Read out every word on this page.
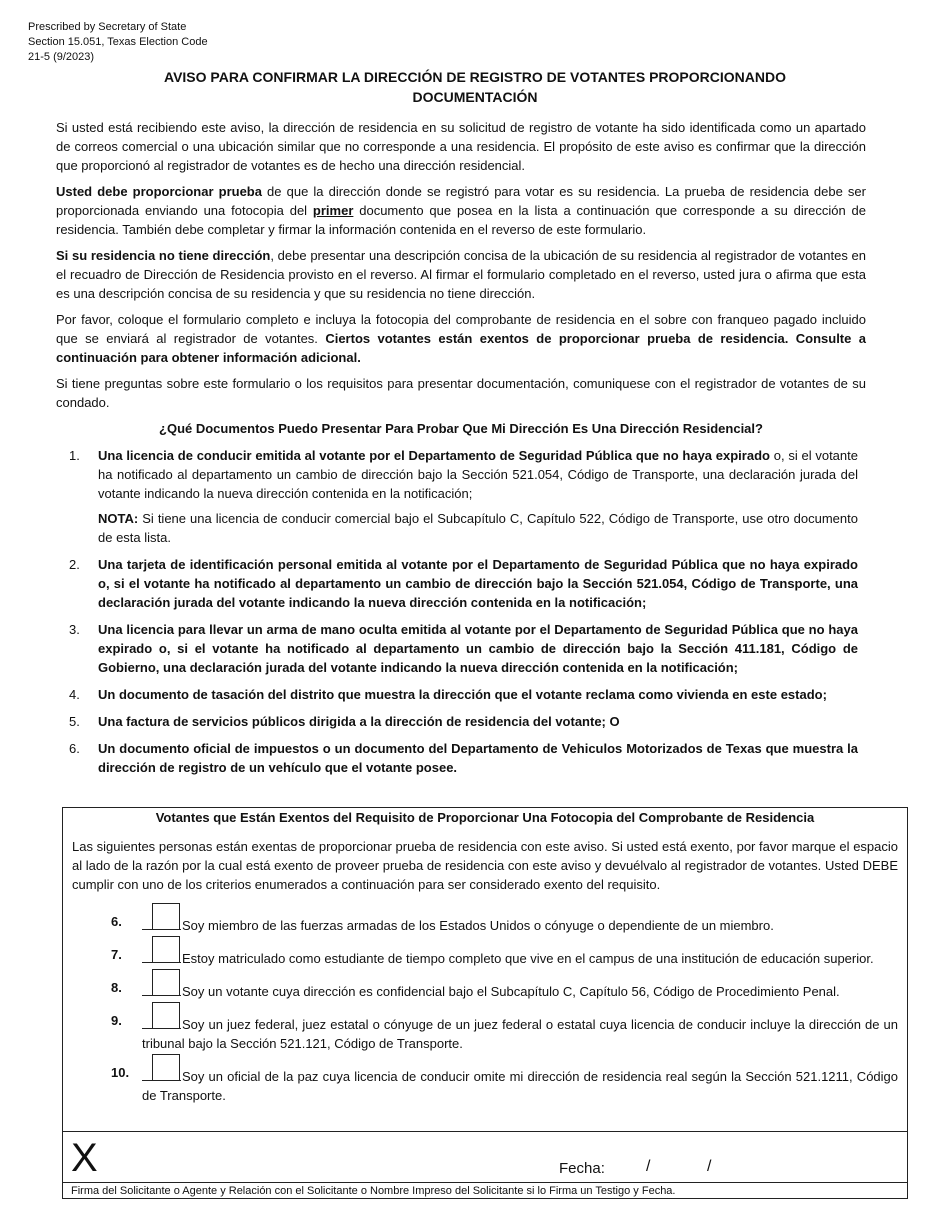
Prescribed by Secretary of State
Section 15.051, Texas Election Code
21-5 (9/2023)
AVISO PARA CONFIRMAR LA DIRECCIÓN DE REGISTRO DE VOTANTES PROPORCIONANDO
DOCUMENTACIÓN

Si usted está recibiendo este aviso, la dirección de residencia en su solicitud de registro de votante ha sido identificada como un apartado de correos comercial o una ubicación similar que no corresponde a una residencia. El propósito de este aviso es confirmar que la dirección que proporcionó al registrador de votantes es de hecho una dirección residencial.

Usted debe proporcionar prueba de que la dirección donde se registró para votar es su residencia. La prueba de residencia debe ser proporcionada enviando una fotocopia del primer documento que posea en la lista a continuación que corresponde a su dirección de residencia. También debe completar y firmar la información contenida en el reverso de este formulario.

Si su residencia no tiene dirección, debe presentar una descripción concisa de la ubicación de su residencia al registrador de votantes en el recuadro de Dirección de Residencia provisto en el reverso. Al firmar el formulario completado en el reverso, usted jura o afirma que esta es una descripción concisa de su residencia y que su residencia no tiene dirección.

Por favor, coloque el formulario completo e incluya la fotocopia del comprobante de residencia en el sobre con franqueo pagado incluido que se enviará al registrador de votantes. Ciertos votantes están exentos de proporcionar prueba de residencia. Consulte a continuación para obtener información adicional.

Si tiene preguntas sobre este formulario o los requisitos para presentar documentación, comuniquese con el registrador de votantes de su condado.

¿Qué Documentos Puedo Presentar Para Probar Que Mi Dirección Es Una Dirección Residencial?
1. Una licencia de conducir emitida al votante por el Departamento de Seguridad Pública que no haya expirado o, si el votante ha notificado al departamento un cambio de dirección bajo la Sección 521.054, Código de Transporte, una declaración jurada del votante indicando la nueva dirección contenida en la notificación;
NOTA: Si tiene una licencia de conducir comercial bajo el Subcapítulo C, Capítulo 522, Código de Transporte, use otro documento de esta lista.
2. Una tarjeta de identificación personal emitida al votante por el Departamento de Seguridad Pública que no haya expirado o, si el votante ha notificado al departamento un cambio de dirección bajo la Sección 521.054, Código de Transporte, una declaración jurada del votante indicando la nueva dirección contenida en la notificación;
3. Una licencia para llevar un arma de mano oculta emitida al votante por el Departamento de Seguridad Pública que no haya expirado o, si el votante ha notificado al departamento un cambio de dirección bajo la Sección 411.181, Código de Gobierno, una declaración jurada del votante indicando la nueva dirección contenida en la notificación;
4. Un documento de tasación del distrito que muestra la dirección que el votante reclama como vivienda en este estado;
5. Una factura de servicios públicos dirigida a la dirección de residencia del votante; O
6. Un documento oficial de impuestos o un documento del Departamento de Vehiculos Motorizados de Texas que muestra la dirección de registro de un vehículo que el votante posee.
Votantes que Están Exentos del Requisito de Proporcionar Una Fotocopia del Comprobante de Residencia
Las siguientes personas están exentas de proporcionar prueba de residencia con este aviso. Si usted está exento, por favor marque el espacio al lado de la razón por la cual está exento de proveer prueba de residencia con este aviso y devuélvalo al registrador de votantes. Usted DEBE cumplir con uno de los criterios enumerados a continuación para ser considerado exento del requisito.
6.	Soy miembro de las fuerzas armadas de los Estados Unidos o cónyuge o dependiente de un miembro.
7.	Estoy matriculado como estudiante de tiempo completo que vive en el campus de una institución de educación superior.
8.	Soy un votante cuya dirección es confidencial bajo el Subcapítulo C, Capítulo 56, Código de Procedimiento Penal.
9.	Soy un juez federal, juez estatal o cónyuge de un juez federal o estatal cuya licencia de conducir incluye la dirección de un tribunal bajo la Sección 521.121, Código de Transporte.
10.	Soy un oficial de la paz cuya licencia de conducir omite mi dirección de residencia real según la Sección 521.1211, Código de Transporte.
X	Fecha:	/	/
Firma del Solicitante o Agente y Relación con el Solicitante o Nombre Impreso del Solicitante si lo Firma un Testigo y Fecha.
